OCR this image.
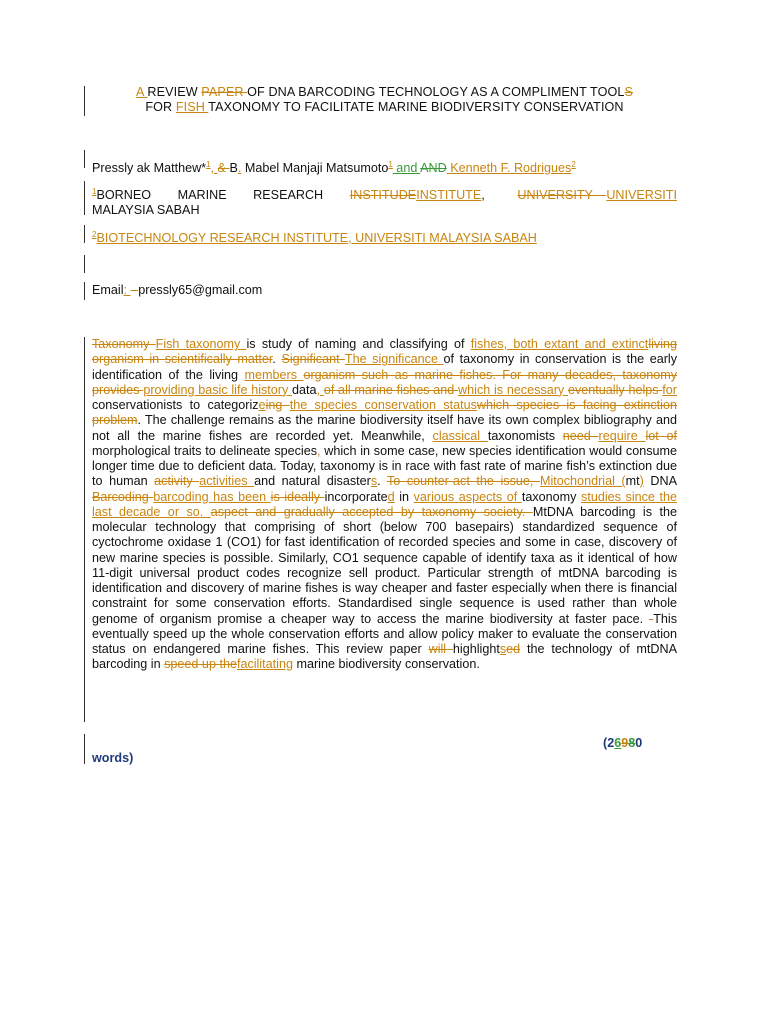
A REVIEW PAPER OF DNA BARCODING TECHNOLOGY AS A COMPLIMENT TOOLS
FOR FISH TAXONOMY TO FACILITATE MARINE BIODIVERSITY CONSERVATION
Pressly ak Matthew*$^1$, & B. Mabel Manjaji Matsumoto$^1$ and AND Kenneth F. Rodrigues$^2$
$^1$BORNEO MARINE RESEARCH INSTITUDEINSTITUTE, UNIVERSITY UNIVERSITI MALAYSIA SABAH
$^2$BIOTECHNOLOGY RESEARCH INSTITUTE, UNIVERSITI MALAYSIA SABAH
Email: - pressly65@gmail.com
Taxonomy Fish taxonomy is study of naming and classifying of fishes, both extant and extinctliving organism in scientifically matter. Significant The significance of taxonomy in conservation is the early identification of the living members organism such as marine fishes. For many decades, taxonomy provides providing basic life history data, of all marine fishes and which is necessary eventually helps for conservationists to categorizeing the species conservation statuswhich species is facing extinction problem. The challenge remains as the marine biodiversity itself have its own complex bibliography and not all the marine fishes are recorded yet. Meanwhile, classical taxonomists need require lot of morphological traits to delineate species, which in some case, new species identification would consume longer time due to deficient data. Today, taxonomy is in race with fast rate of marine fish’s extinction due to human activity activities and natural disasters. To counter-act the issue, Mitochondrial (mt) DNA Barcoding barcoding has been is ideally incorporated in various aspects of taxonomy studies since the last decade or so. aspect and gradually accepted by taxonomy society. MtDNA barcoding is the molecular technology that comprising of short (below 700 basepairs) standardized sequence of cyctochrome oxidase 1 (CO1) for fast identification of recorded species and some in case, discovery of new marine species is possible. Similarly, CO1 sequence capable of identify taxa as it identical of how 11-digit universal product codes recognize sell product. Particular strength of mtDNA barcoding is identification and discovery of marine fishes is way cheaper and faster especially when there is financial constraint for some conservation efforts. Standardised single sequence is used rather than whole genome of organism promise a cheaper way to access the marine biodiversity at faster pace. -This eventually speed up the whole conservation efforts and allow policy maker to evaluate the conservation status on endangered marine fishes. This review paper will highlightsed the technology of mtDNA barcoding in speed up thefacilitating marine biodiversity conservation.
(26980
words)
